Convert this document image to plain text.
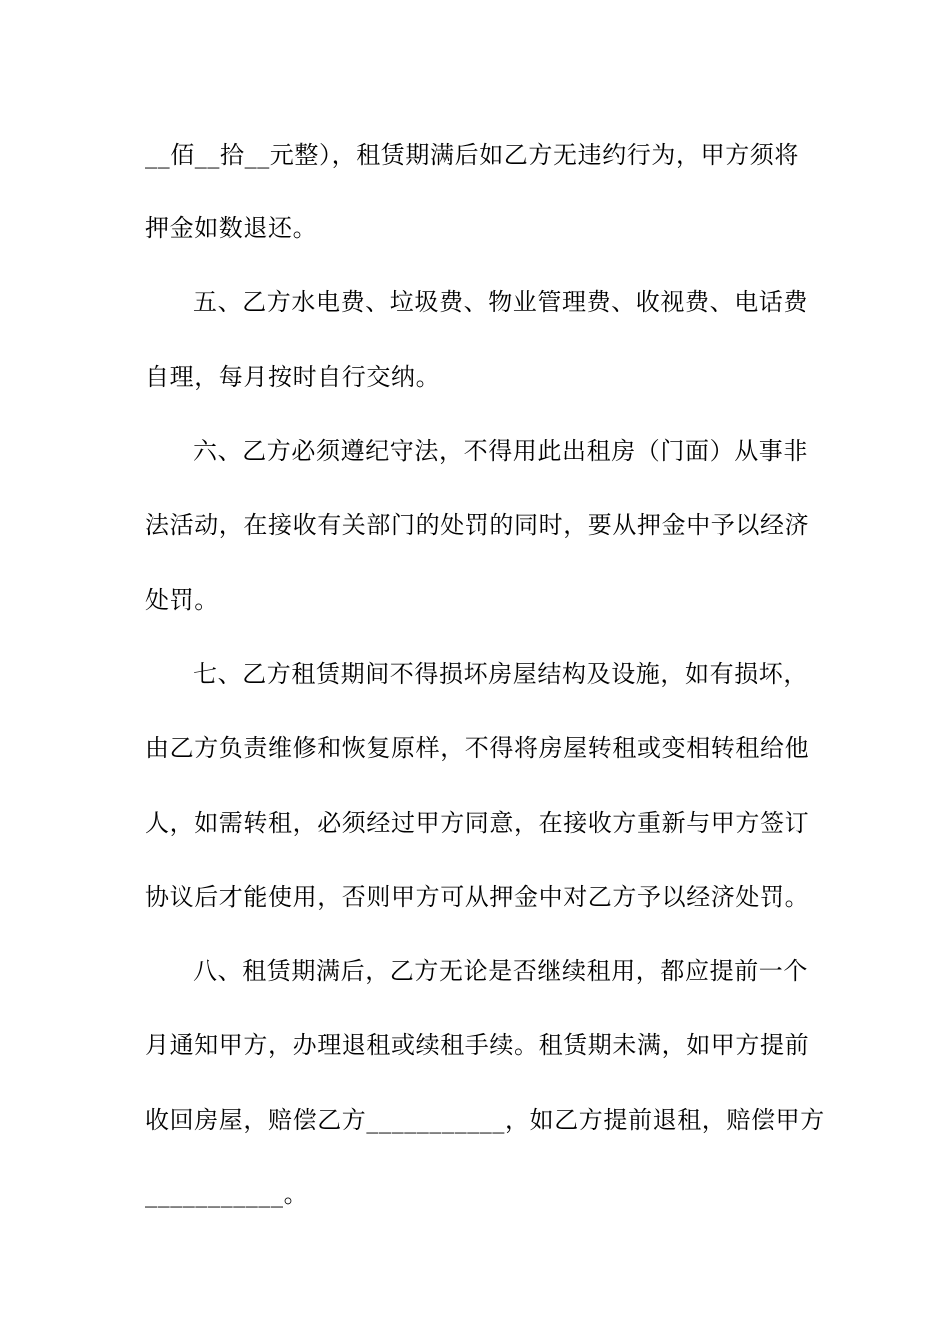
__佰__拾__元整），租赁期满后如乙方无违约行为，甲方须将
押金如数退还。
五、乙方水电费、垃圾费、物业管理费、收视费、电话费
自理，每月按时自行交纳。
六、乙方必须遵纪守法，不得用此出租房（门面）从事非
法活动，在接收有关部门的处罚的同时，要从押金中予以经济
处罚。
七、乙方租赁期间不得损坏房屋结构及设施，如有损坏，
由乙方负责维修和恢复原样，不得将房屋转租或变相转租给他
人，如需转租，必须经过甲方同意，在接收方重新与甲方签订
协议后才能使用，否则甲方可从押金中对乙方予以经济处罚。
八、租赁期满后，乙方无论是否继续租用，都应提前一个
月通知甲方，办理退租或续租手续。租赁期未满，如甲方提前
收回房屋，赔偿乙方___________，如乙方提前退租，赔偿甲方
___________。
